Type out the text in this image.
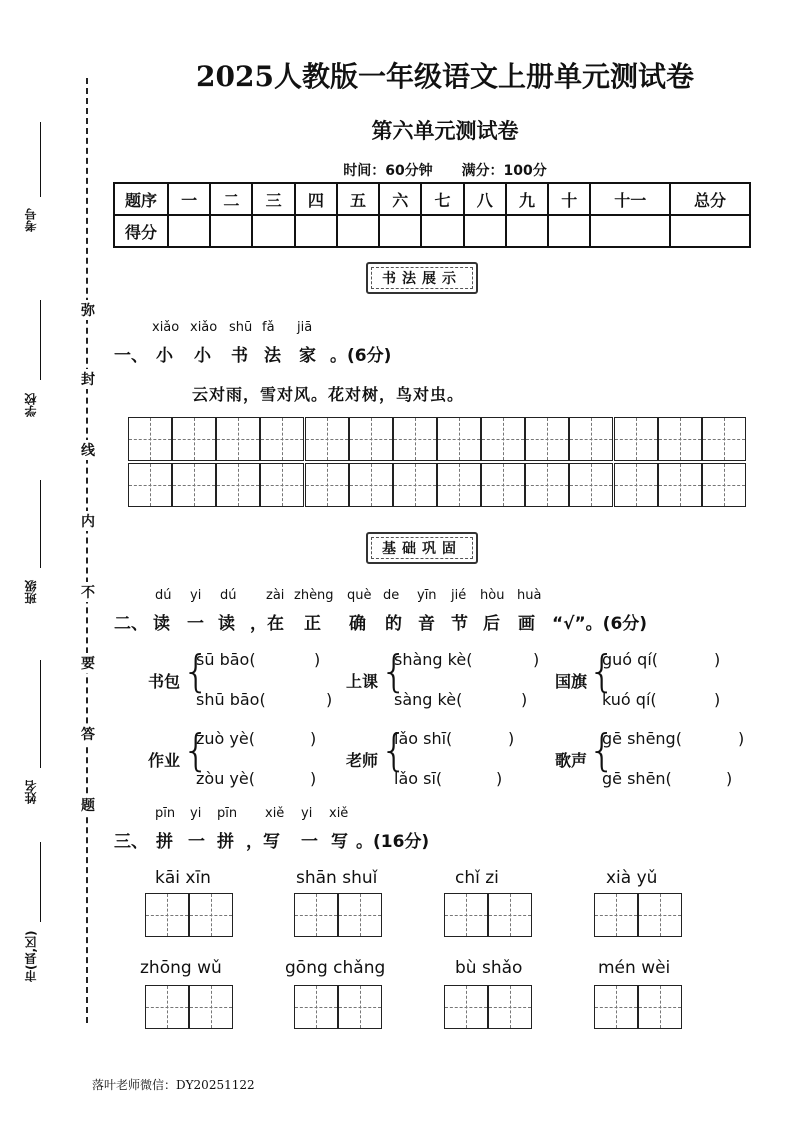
考号
学校
班级
姓名
市(县,区)
弥
封
线
内
不
要
答
题
2025人教版一年级语文上册单元测试卷
第六单元测试卷
时间：60分钟 满分：100分
题序	一	二	三	四	五	六	七	八	九	十	十一	总分
得分												
书法展示
xiǎo xiǎo shū fǎ jiā
一、 小 小 书 法 家 。(6分)
云对雨，雪对风。花对树，鸟对虫。
基础巩固
dú yi dú zài zhèng què de yīn jié hòu huà
二、 读 一 读 ，在 正 确 的 音 节 后 画 “√”。(6分)
书包 {
sū bāo(	)
shū bāo(	)
上课 {
shàng kè(	)
sàng kè(	)
国旗 {
guó qí(	)
kuó qí(	)
作业 {
zuò yè(	)
zòu yè(	)
老师 {
lǎo shī(	)
lǎo sī(	)
歌声 {
gē shēng(	)
gē shēn(	)
pīn yi pīn xiě yi xiě
三、 拼 一 拼 ，写 一 写 。(16分)
kāi xīn	shān shuǐ	chǐ zi	xià yǔ
zhōng wǔ	gōng chǎng	bù shǎo	mén wèi
落叶老师微信：DY20251122
